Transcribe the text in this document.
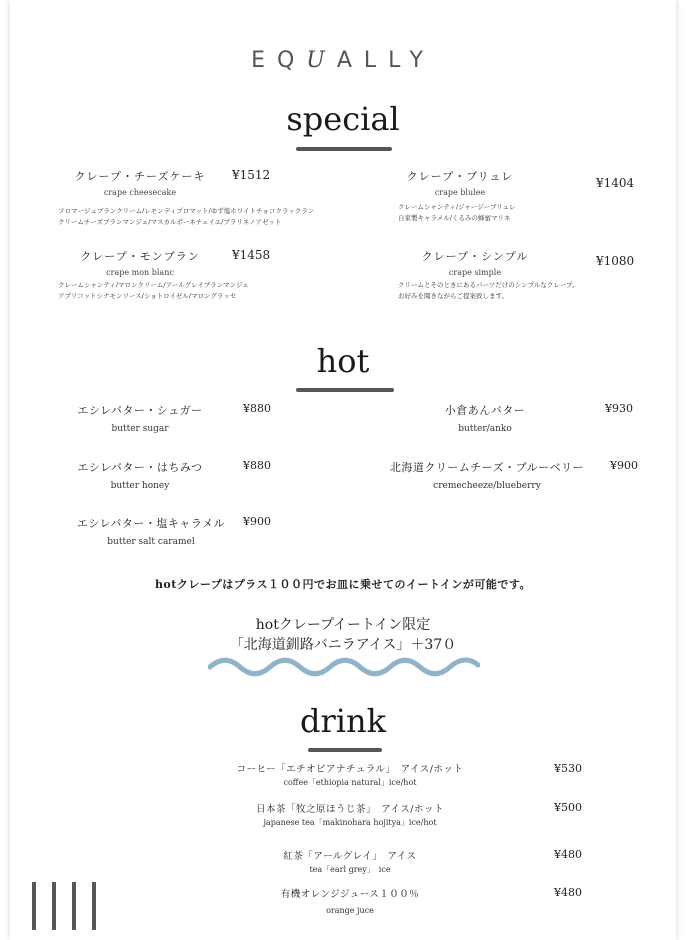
EQUALLY
special
クレープ・チーズケーキ
crape cheesecake
¥1512
フロマージュブランクリーム/レモンディプロマット/ゆず塩ホワイトチョコクラックラン
クリームチーズブランマンジェ/マスカルポーネチェイユ/ブラリネノアゼット
クレープ・ブリュレ
crape blulee
¥1404
クレームシャンティ/ジャージーブリュレ
自家製キャラメル/くるみの蜂蜜マリネ
クレープ・モンブラン
crape mon blanc
¥1458
クレームシャンティ/マロンクリーム/アールグレイブランマンジェ
アプリコットシナモンソース/ショトロイゼル/マロングラッセ
クレープ・シンプル
crape simple
¥1080
クリームとそのときにあるパーツだけのシンプルなクレープ。
お好みを聞きながらご提案致します。
hot
エシレバター・シュガー
butter sugar
¥880
エシレバター・はちみつ
butter honey
¥880
エシレバター・塩キャラメル
butter salt caramel
¥900
小倉あんバター
butter/anko
¥930
北海道クリームチーズ・ブルーベリー
cremecheeze/blueberry
¥900
hotクレープはプラス１００円でお皿に乗せてのイートインが可能です。
hotクレープイートイン限定
「北海道釧路バニラアイス」＋37０
drink
コーヒー「エチオピアナチュラル」　アイス/ホット
coffee「ethiopia natural」ice/hot
¥530
日本茶「牧之原ほうじ茶」　アイス/ホット
japanese tea「makinohara hojitya」ice/hot
¥500
紅茶「アールグレイ」　アイス
tea「earl grey」　ice
¥480
有機オレンジジュース１００％
orange juce
¥480
